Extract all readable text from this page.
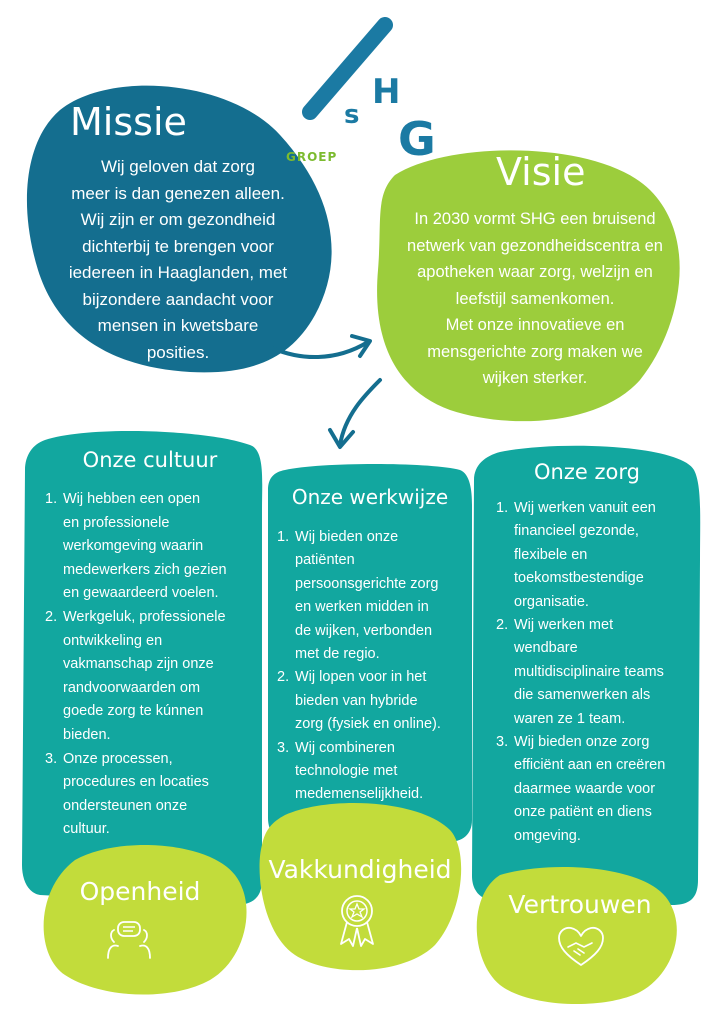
s
H
G
GROEP
Missie
Wij geloven dat zorg
meer is dan genezen alleen.
Wij zijn er om gezondheid
dichterbij te brengen voor
iedereen in Haaglanden, met
bijzondere aandacht voor
mensen in kwetsbare
posities.
Visie
In 2030 vormt SHG een bruisend
netwerk van gezondheidscentra en
apotheken waar zorg, welzijn en
leefstijl samenkomen.
Met onze innovatieve en
mensgerichte zorg maken we
wijken sterker.
Onze cultuur
1. Wij hebben een open
en professionele
werkomgeving waarin
medewerkers zich gezien
en gewaardeerd voelen.
2. Werkgeluk, professionele
ontwikkeling en
vakmanschap zijn onze
randvoorwaarden om
goede zorg te kúnnen
bieden.
3. Onze processen,
procedures en locaties
ondersteunen onze
cultuur.
Onze werkwijze
1. Wij bieden onze
patiënten
persoonsgerichte zorg
en werken midden in
de wijken, verbonden
met de regio.
2. Wij lopen voor in het
bieden van hybride
zorg (fysiek en online).
3. Wij combineren
technologie met
medemenselijkheid.
Onze zorg
1. Wij werken vanuit een
financieel gezonde,
flexibele en
toekomstbestendige
organisatie.
2. Wij werken met
wendbare
multidisciplinaire teams
die samenwerken als
waren ze 1 team.
3. Wij bieden onze zorg
efficiënt aan en creëren
daarmee waarde voor
onze patiënt en diens
omgeving.
Openheid
Vakkundigheid
Vertrouwen
